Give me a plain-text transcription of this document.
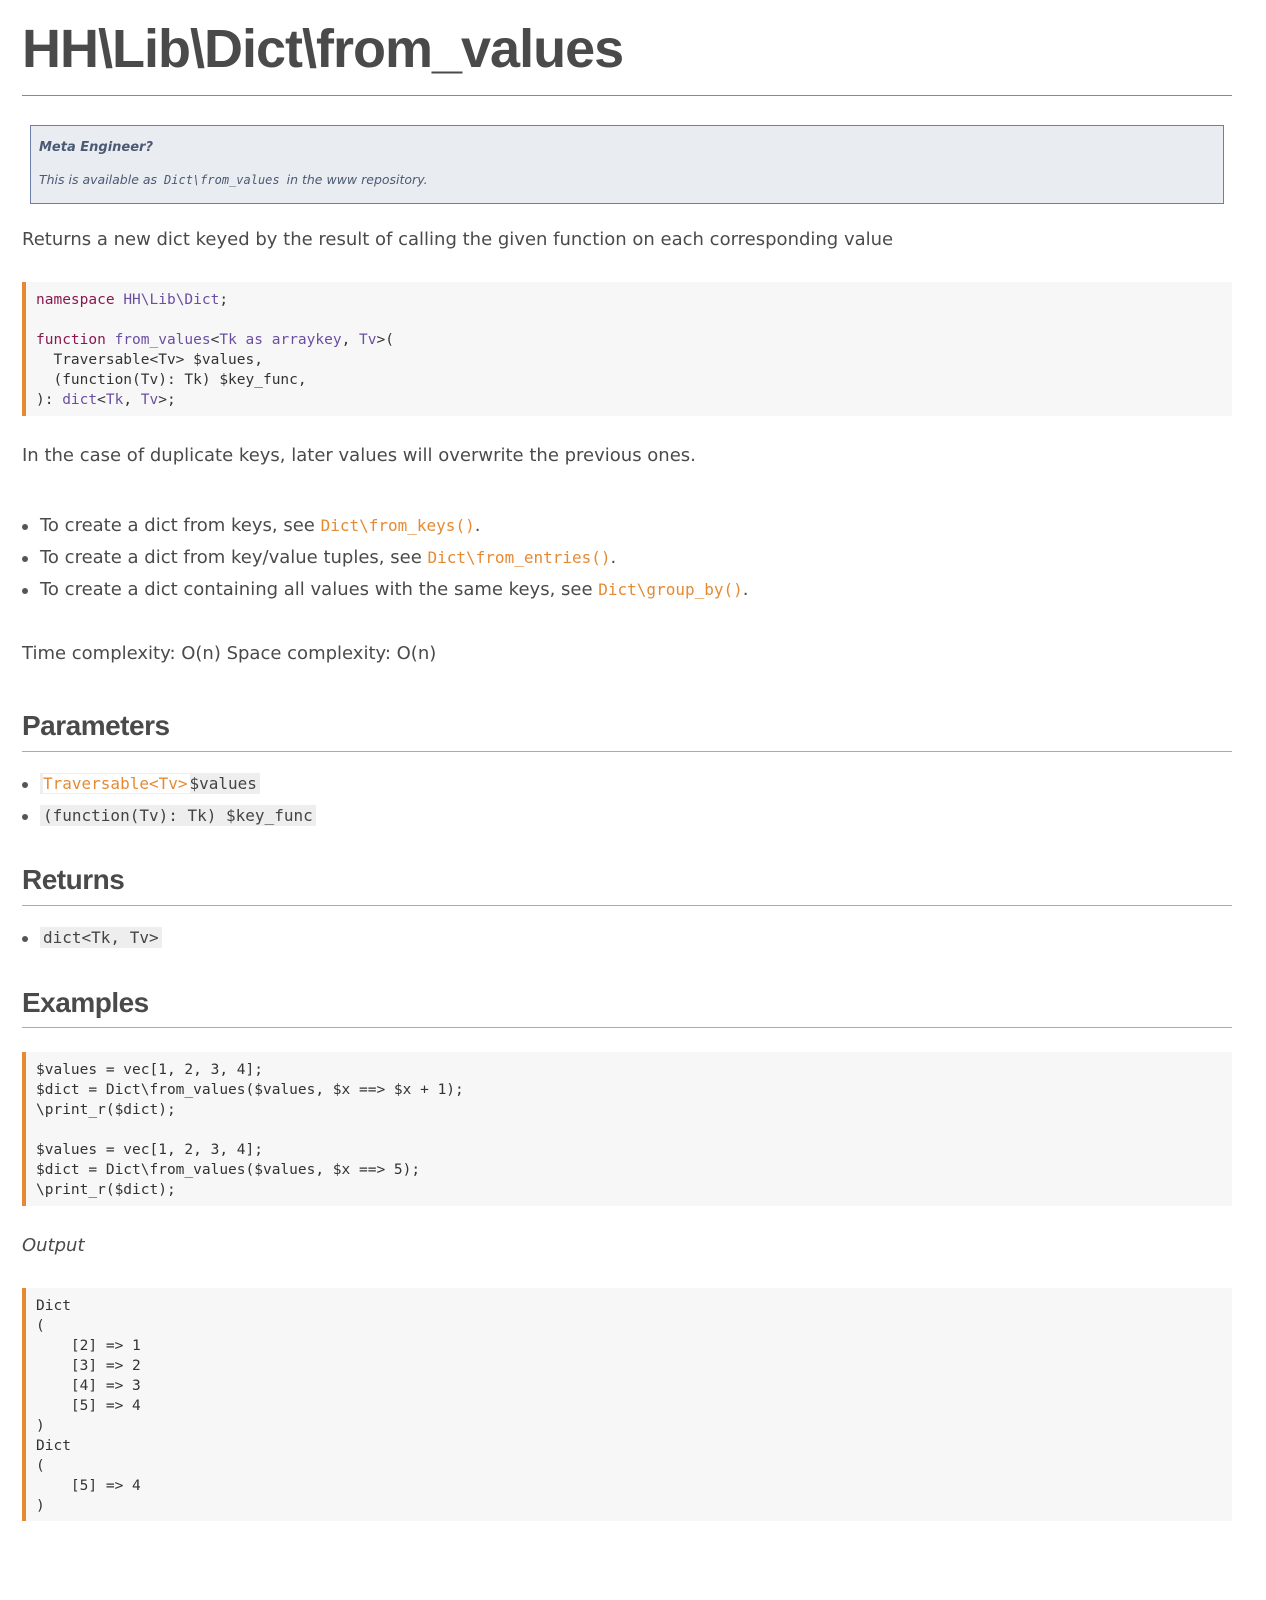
HH\Lib\Dict\from_values
Meta Engineer?
This is available as Dict\from_values in the www repository.

Returns a new dict keyed by the result of calling the given function on each corresponding value

namespace HH\Lib\Dict;
function from_values<Tk as arraykey, Tv>(
Traversable<Tv> $values,
(function(Tv): Tk) $key_func,
): dict<Tk, Tv>;

In the case of duplicate keys, later values will overwrite the previous ones.

To create a dict from keys, see Dict\from_keys().
To create a dict from key/value tuples, see Dict\from_entries().
To create a dict containing all values with the same keys, see Dict\group_by().

Time complexity: O(n) Space complexity: O(n)

Parameters
Traversable<Tv> $values
(function(Tv): Tk) $key_func
Returns
dict<Tk, Tv>
Examples
$values = vec[1, 2, 3, 4];
$dict = Dict\from_values($values, $x ==> $x + 1);
\print_r($dict);
$values = vec[1, 2, 3, 4];
$dict = Dict\from_values($values, $x ==> 5);
\print_r($dict);

Output

Dict
(
[2] => 1
[3] => 2
[4] => 3
[5] => 4
)
Dict
(
[5] => 4
)
